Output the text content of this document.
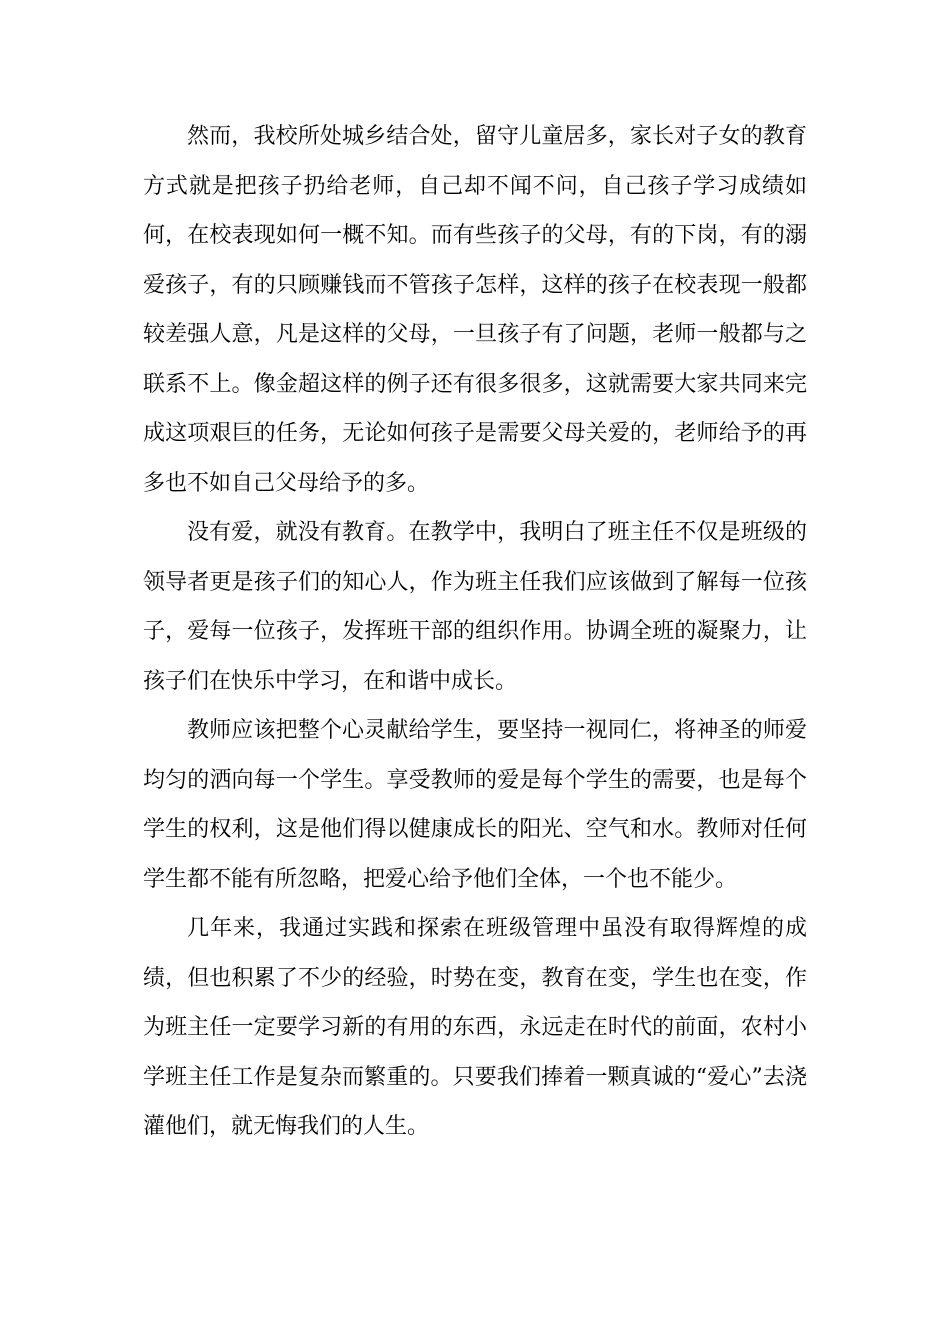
然而，我校所处城乡结合处，留守儿童居多，家长对子女的教育方式就是把孩子扔给老师，自己却不闻不问，自己孩子学习成绩如何，在校表现如何一概不知。而有些孩子的父母，有的下岗，有的溺爱孩子，有的只顾赚钱而不管孩子怎样，这样的孩子在校表现一般都较差强人意，凡是这样的父母，一旦孩子有了问题，老师一般都与之联系不上。像金超这样的例子还有很多很多，这就需要大家共同来完成这项艰巨的任务，无论如何孩子是需要父母关爱的，老师给予的再多也不如自己父母给予的多。

没有爱，就没有教育。在教学中，我明白了班主任不仅是班级的领导者更是孩子们的知心人，作为班主任我们应该做到了解每一位孩子，爱每一位孩子，发挥班干部的组织作用。协调全班的凝聚力，让孩子们在快乐中学习，在和谐中成长。

教师应该把整个心灵献给学生，要坚持一视同仁，将神圣的师爱均匀的洒向每一个学生。享受教师的爱是每个学生的需要，也是每个学生的权利，这是他们得以健康成长的阳光、空气和水。教师对任何学生都不能有所忽略，把爱心给予他们全体，一个也不能少。

几年来，我通过实践和探索在班级管理中虽没有取得辉煌的成绩，但也积累了不少的经验，时势在变，教育在变，学生也在变，作为班主任一定要学习新的有用的东西，永远走在时代的前面，农村小学班主任工作是复杂而繁重的。只要我们捧着一颗真诚的“爱心”去浇灌他们，就无悔我们的人生。
